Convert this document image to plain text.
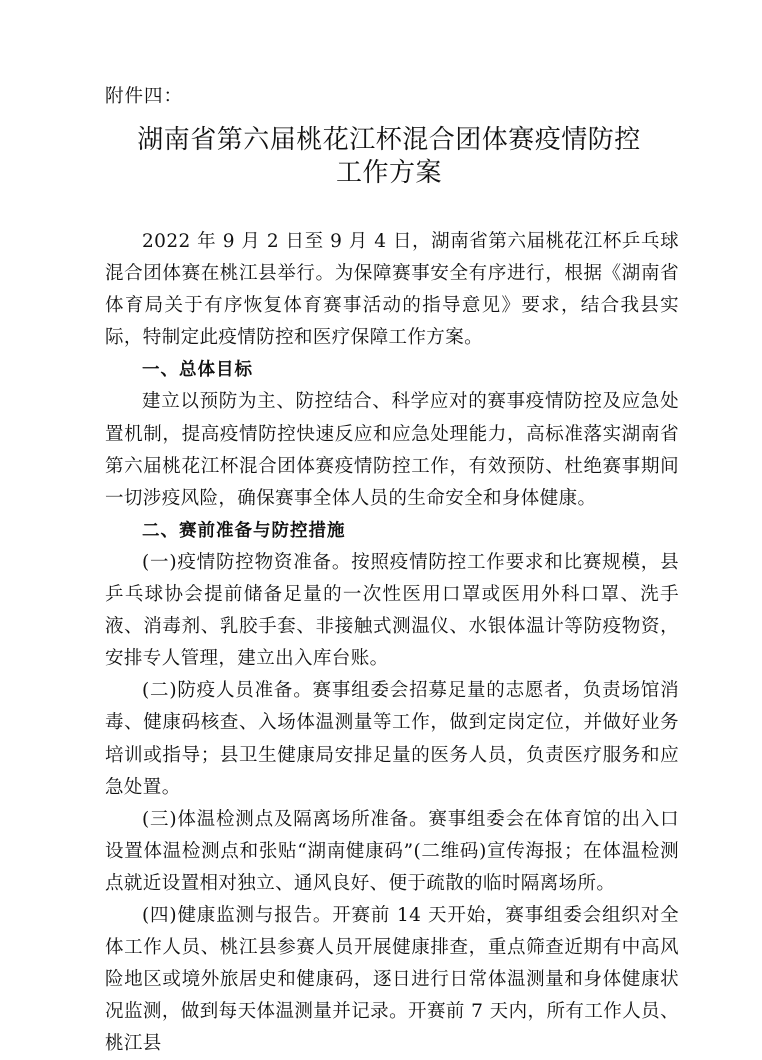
附件四：
湖南省第六届桃花江杯混合团体赛疫情防控
工作方案

2022 年 9 月 2 日至 9 月 4 日，湖南省第六届桃花江杯乒乓球混合团体赛在桃江县举行。为保障赛事安全有序进行，根据《湖南省体育局关于有序恢复体育赛事活动的指导意见》要求，结合我县实际，特制定此疫情防控和医疗保障工作方案。

一、总体目标

建立以预防为主、防控结合、科学应对的赛事疫情防控及应急处置机制，提高疫情防控快速反应和应急处理能力，高标准落实湖南省第六届桃花江杯混合团体赛疫情防控工作，有效预防、杜绝赛事期间一切涉疫风险，确保赛事全体人员的生命安全和身体健康。

二、赛前准备与防控措施

(一)疫情防控物资准备。按照疫情防控工作要求和比赛规模，县乒乓球协会提前储备足量的一次性医用口罩或医用外科口罩、洗手液、消毒剂、乳胶手套、非接触式测温仪、水银体温计等防疫物资，安排专人管理，建立出入库台账。

(二)防疫人员准备。赛事组委会招募足量的志愿者，负责场馆消毒、健康码核查、入场体温测量等工作，做到定岗定位，并做好业务培训或指导；县卫生健康局安排足量的医务人员，负责医疗服务和应急处置。

(三)体温检测点及隔离场所准备。赛事组委会在体育馆的出入口设置体温检测点和张贴“湖南健康码”(二维码)宣传海报；在体温检测点就近设置相对独立、通风良好、便于疏散的临时隔离场所。

(四)健康监测与报告。开赛前 14 天开始，赛事组委会组织对全体工作人员、桃江县参赛人员开展健康排查，重点筛查近期有中高风险地区或境外旅居史和健康码，逐日进行日常体温测量和身体健康状况监测，做到每天体温测量并记录。开赛前 7 天内，所有工作人员、桃江县
